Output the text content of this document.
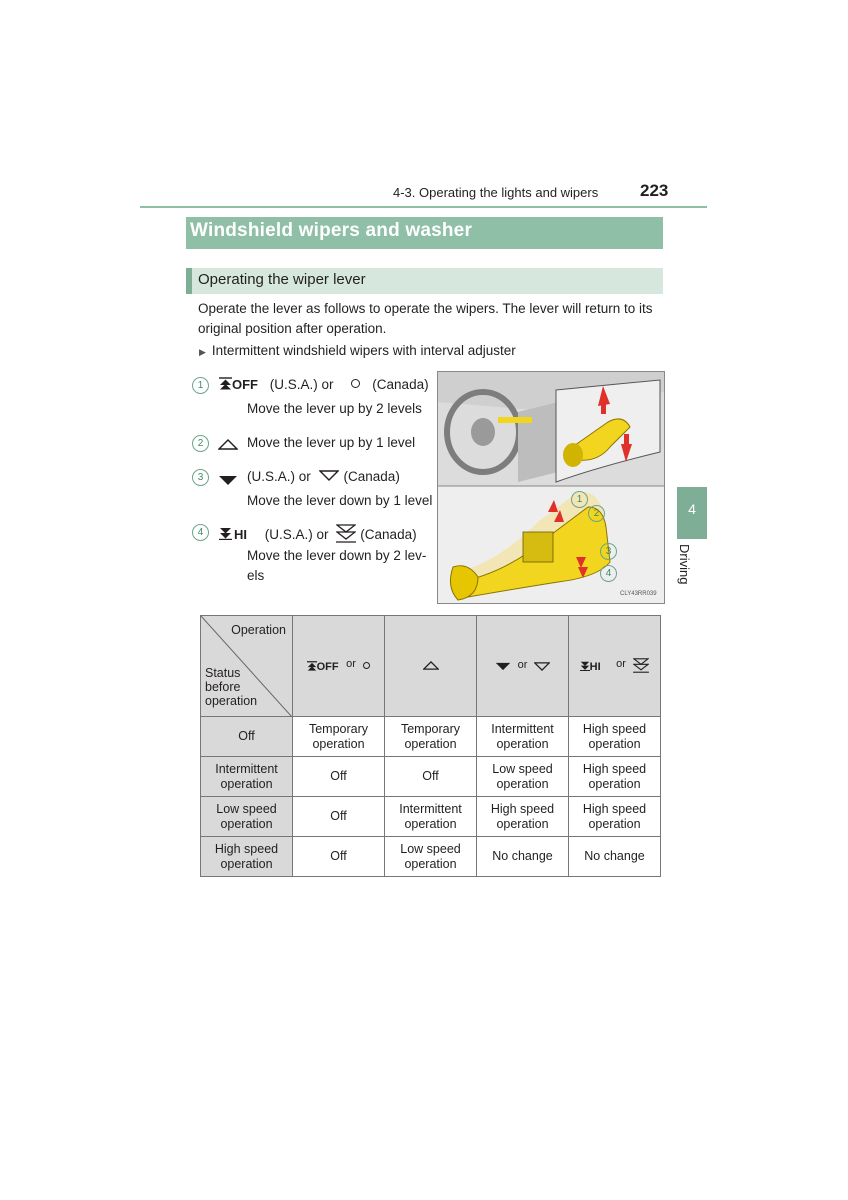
4-3. Operating the lights and wipers 223
4
Driving
Windshield wipers and washer
Operating the wiper lever
Operate the lever as follows to operate the wipers. The lever will return to its original position after operation.
▶ Intermittent windshield wipers with interval adjuster
1	OFF (U.S.A.) or	(Canada)
Move the lever up by 2 levels
2	Move the lever up by 1 level
3	(U.S.A.) or (Canada)
Move the lever down by 1 level
4	HI (U.S.A.) or (Canada)
Move the lever down by 2 lev-
els
1
2
3
4
CLY43RR039
Operation
Status before operation	OFF or		or	HI or
Off	Temporary operation	Temporary operation	Intermittent operation	High speed operation
Intermittent operation	Off	Off	Low speed operation	High speed operation
Low speed operation	Off	Intermittent operation	High speed operation	High speed operation
High speed operation	Off	Low speed operation	No change	No change
